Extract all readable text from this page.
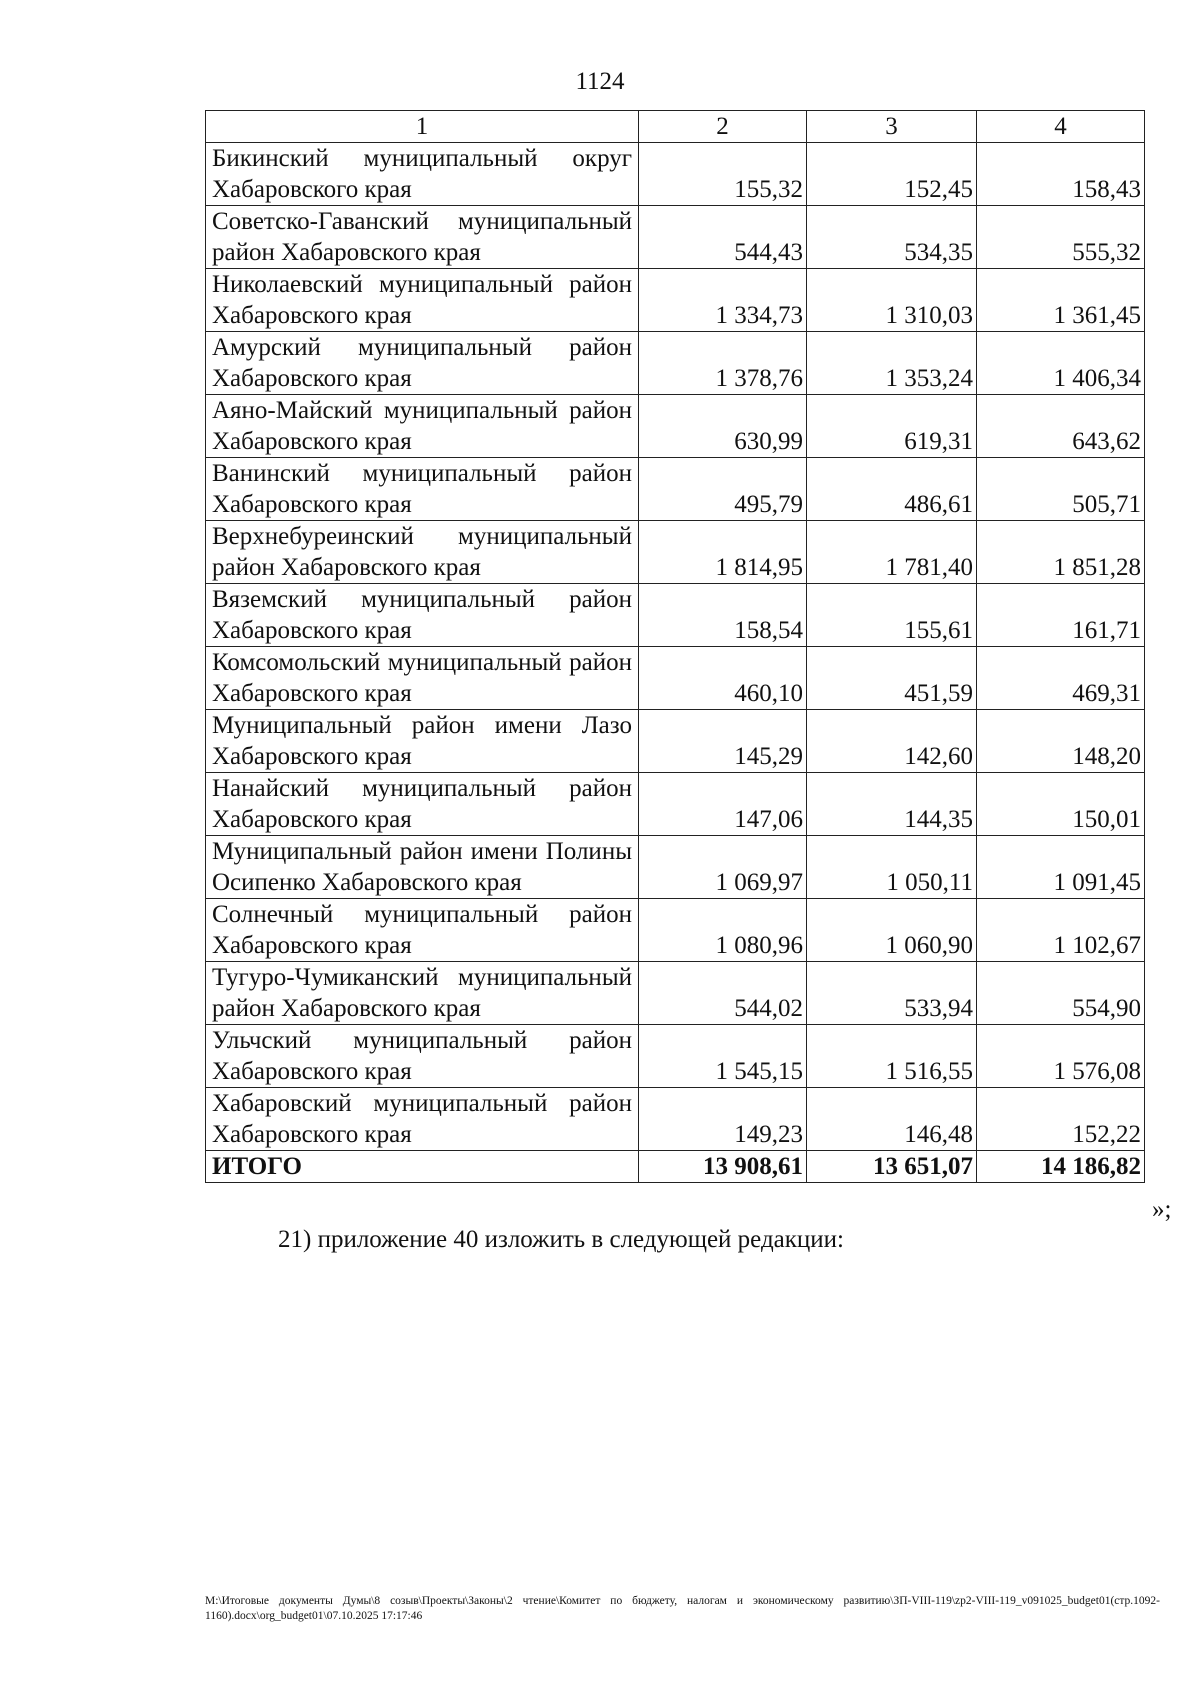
1124
1	2	3	4
Бикинский муниципальный округ Хабаровского края	155,32	152,45	158,43
Советско-Гаванский муниципальный район Хабаровского края	544,43	534,35	555,32
Николаевский муниципальный район Хабаровского края	1 334,73	1 310,03	1 361,45
Амурский муниципальный район Хабаровского края	1 378,76	1 353,24	1 406,34
Аяно-Майский муниципальный район Хабаровского края	630,99	619,31	643,62
Ванинский муниципальный район Хабаровского края	495,79	486,61	505,71
Верхнебуреинский муниципальный район Хабаровского края	1 814,95	1 781,40	1 851,28
Вяземский муниципальный район Хабаровского края	158,54	155,61	161,71
Комсомольский муниципальный район Хабаровского края	460,10	451,59	469,31
Муниципальный район имени Лазо Хабаровского края	145,29	142,60	148,20
Нанайский муниципальный район Хабаровского края	147,06	144,35	150,01
Муниципальный район имени Полины Осипенко Хабаровского края	1 069,97	1 050,11	1 091,45
Солнечный муниципальный район Хабаровского края	1 080,96	1 060,90	1 102,67
Тугуро-Чумиканский муниципальный район Хабаровского края	544,02	533,94	554,90
Ульчский муниципальный район Хабаровского края	1 545,15	1 516,55	1 576,08
Хабаровский муниципальный район Хабаровского края	149,23	146,48	152,22
ИТОГО	13 908,61	13 651,07	14 186,82
»;
21) приложение 40 изложить в следующей редакции:
M:\Итоговые документы Думы\8 созыв\Проекты\Законы\2 чтение\Комитет по бюджету, налогам и экономическому развитию\ЗП-VIII-119\zp2-VIII-119_v091025_budget01(стр.1092-1160).docx\org_budget01\07.10.2025 17:17:46
